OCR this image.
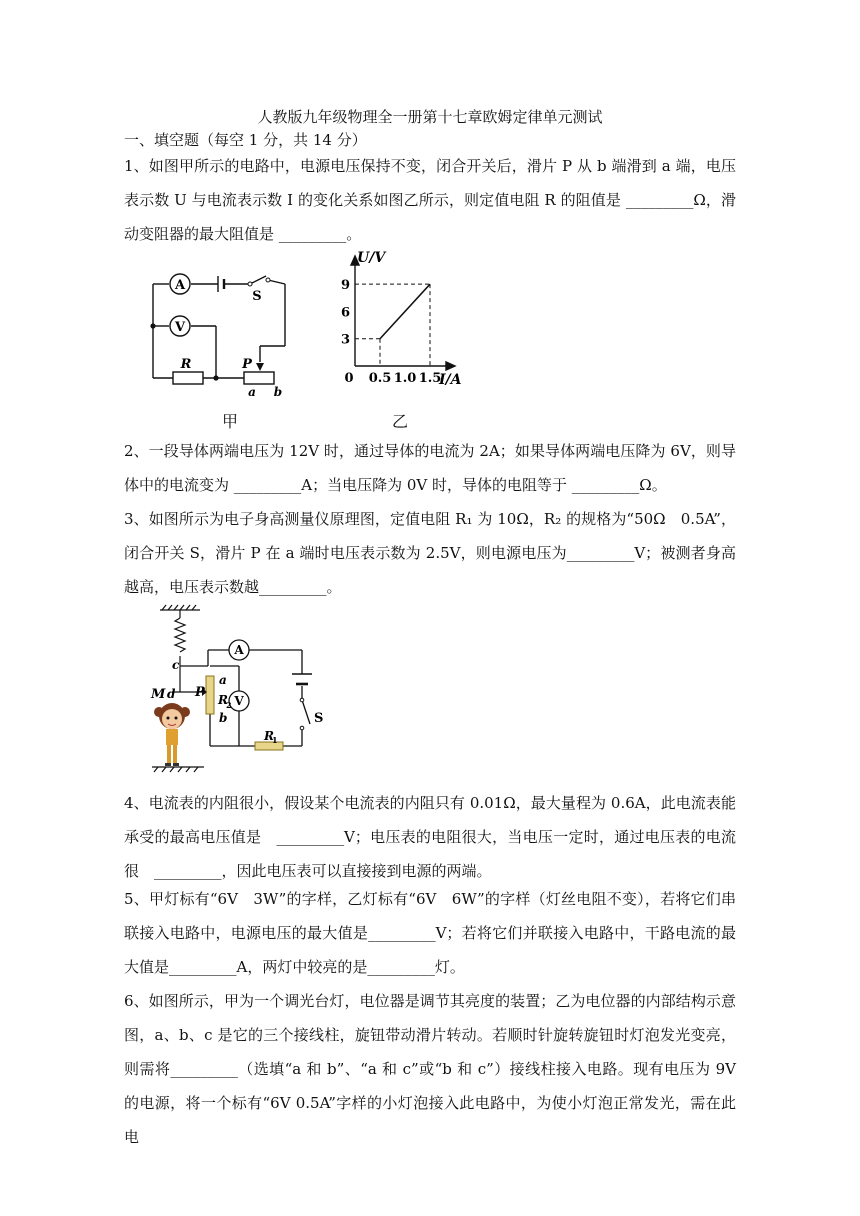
人教版九年级物理全一册第十七章欧姆定律单元测试
一、填空题（每空 1 分，共 14 分）
1、如图甲所示的电路中，电源电压保持不变，闭合开关后，滑片 P 从 b 端滑到 a 端，电压表示数 U 与电流表示数 I 的变化关系如图乙所示，则定值电阻 R 的阻值是 _________Ω，滑动变阻器的最大阻值是 _________。
A
V
S
R	P
a b
0.5 1.0 1.5
3
6
9
U/V
I/A
0
甲	乙
2、一段导体两端电压为 12V 时，通过导体的电流为 2A；如果导体两端电压降为 6V，则导体中的电流变为 _________A；当电压降为 0V 时，导体的电阻等于 _________Ω。
3、如图所示为电子身高测量仪原理图，定值电阻 R₁ 为 10Ω，R₂ 的规格为“50Ω　0.5A”，闭合开关 S，滑片 P 在 a 端时电压表示数为 2.5V，则电源电压为_________V；被测者身高越高，电压表示数越_________。
c
M d P
a
b
R
2
R
1
A
V
S
4、电流表的内阻很小，假设某个电流表的内阻只有 0.01Ω，最大量程为 0.6A，此电流表能承受的最高电压值是　_________V；电压表的电阻很大，当电压一定时，通过电压表的电流很　_________，因此电压表可以直接接到电源的两端。
5、甲灯标有“6V　3W”的字样，乙灯标有“6V　6W”的字样（灯丝电阻不变），若将它们串联接入电路中，电源电压的最大值是_________V；若将它们并联接入电路中，干路电流的最大值是_________A，两灯中较亮的是_________灯。
6、如图所示，甲为一个调光台灯，电位器是调节其亮度的装置；乙为电位器的内部结构示意图，a、b、c 是它的三个接线柱，旋钮带动滑片转动。若顺时针旋转旋钮时灯泡发光变亮，则需将_________（选填“a 和 b”、“a 和 c”或“b 和 c”）接线柱接入电路。现有电压为 9V 的电源，将一个标有“6V 0.5A”字样的小灯泡接入此电路中，为使小灯泡正常发光，需在此电
